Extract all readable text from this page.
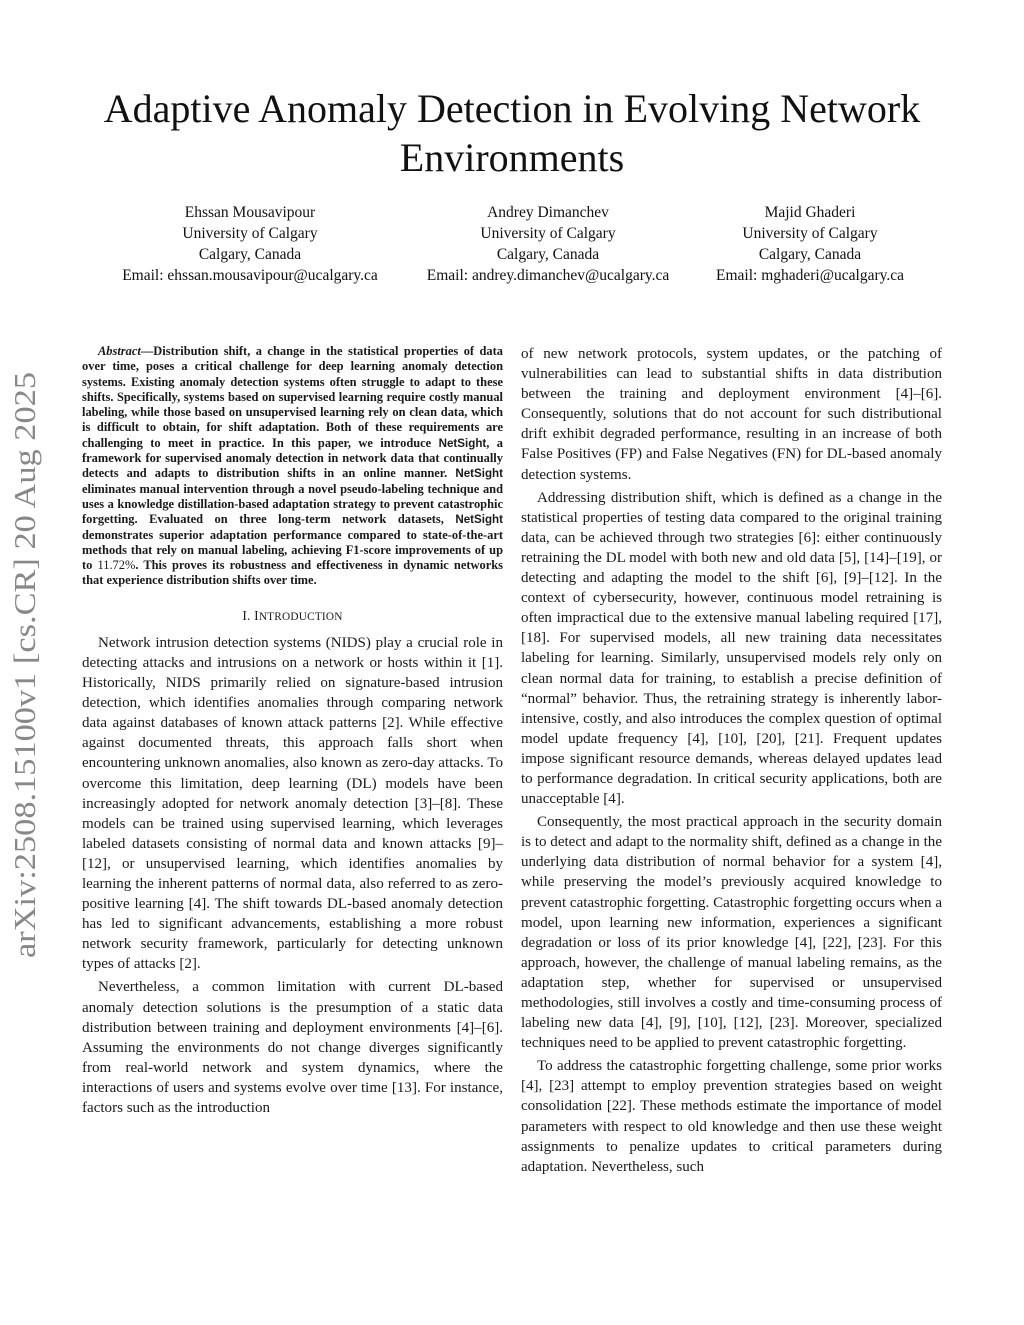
arXiv:2508.15100v1 [cs.CR] 20 Aug 2025
Adaptive Anomaly Detection in Evolving Network Environments
Ehssan Mousavipour
University of Calgary
Calgary, Canada
Email: ehssan.mousavipour@ucalgary.ca
Andrey Dimanchev
University of Calgary
Calgary, Canada
Email: andrey.dimanchev@ucalgary.ca
Majid Ghaderi
University of Calgary
Calgary, Canada
Email: mghaderi@ucalgary.ca

Abstract—Distribution shift, a change in the statistical properties of data over time, poses a critical challenge for deep learning anomaly detection systems. Existing anomaly detection systems often struggle to adapt to these shifts. Specifically, systems based on supervised learning require costly manual labeling, while those based on unsupervised learning rely on clean data, which is difficult to obtain, for shift adaptation. Both of these requirements are challenging to meet in practice. In this paper, we introduce NetSight, a framework for supervised anomaly detection in network data that continually detects and adapts to distribution shifts in an online manner. NetSight eliminates manual intervention through a novel pseudo-labeling technique and uses a knowledge distillation-based adaptation strategy to prevent catastrophic forgetting. Evaluated on three long-term network datasets, NetSight demonstrates superior adaptation performance compared to state-of-the-art methods that rely on manual labeling, achieving F1-score improvements of up to 11.72%. This proves its robustness and effectiveness in dynamic networks that experience distribution shifts over time.

I. INTRODUCTION

Network intrusion detection systems (NIDS) play a crucial role in detecting attacks and intrusions on a network or hosts within it [1]. Historically, NIDS primarily relied on signature-based intrusion detection, which identifies anomalies through comparing network data against databases of known attack patterns [2]. While effective against documented threats, this approach falls short when encountering unknown anomalies, also known as zero-day attacks. To overcome this limitation, deep learning (DL) models have been increasingly adopted for network anomaly detection [3]–[8]. These models can be trained using supervised learning, which leverages labeled datasets consisting of normal data and known attacks [9]–[12], or unsupervised learning, which identifies anomalies by learning the inherent patterns of normal data, also referred to as zero-positive learning [4]. The shift towards DL-based anomaly detection has led to significant advancements, establishing a more robust network security framework, particularly for detecting unknown types of attacks [2].

Nevertheless, a common limitation with current DL-based anomaly detection solutions is the presumption of a static data distribution between training and deployment environments [4]–[6]. Assuming the environments do not change diverges significantly from real-world network and system dynamics, where the interactions of users and systems evolve over time [13]. For instance, factors such as the introduction

of new network protocols, system updates, or the patching of vulnerabilities can lead to substantial shifts in data distribution between the training and deployment environment [4]–[6]. Consequently, solutions that do not account for such distributional drift exhibit degraded performance, resulting in an increase of both False Positives (FP) and False Negatives (FN) for DL-based anomaly detection systems.

Addressing distribution shift, which is defined as a change in the statistical properties of testing data compared to the original training data, can be achieved through two strategies [6]: either continuously retraining the DL model with both new and old data [5], [14]–[19], or detecting and adapting the model to the shift [6], [9]–[12]. In the context of cybersecurity, however, continuous model retraining is often impractical due to the extensive manual labeling required [17], [18]. For supervised models, all new training data necessitates labeling for learning. Similarly, unsupervised models rely only on clean normal data for training, to establish a precise definition of “normal” behavior. Thus, the retraining strategy is inherently labor-intensive, costly, and also introduces the complex question of optimal model update frequency [4], [10], [20], [21]. Frequent updates impose significant resource demands, whereas delayed updates lead to performance degradation. In critical security applications, both are unacceptable [4].

Consequently, the most practical approach in the security domain is to detect and adapt to the normality shift, defined as a change in the underlying data distribution of normal behavior for a system [4], while preserving the model’s previously acquired knowledge to prevent catastrophic forgetting. Catastrophic forgetting occurs when a model, upon learning new information, experiences a significant degradation or loss of its prior knowledge [4], [22], [23]. For this approach, however, the challenge of manual labeling remains, as the adaptation step, whether for supervised or unsupervised methodologies, still involves a costly and time-consuming process of labeling new data [4], [9], [10], [12], [23]. Moreover, specialized techniques need to be applied to prevent catastrophic forgetting.

To address the catastrophic forgetting challenge, some prior works [4], [23] attempt to employ prevention strategies based on weight consolidation [22]. These methods estimate the importance of model parameters with respect to old knowledge and then use these weight assignments to penalize updates to critical parameters during adaptation. Nevertheless, such
